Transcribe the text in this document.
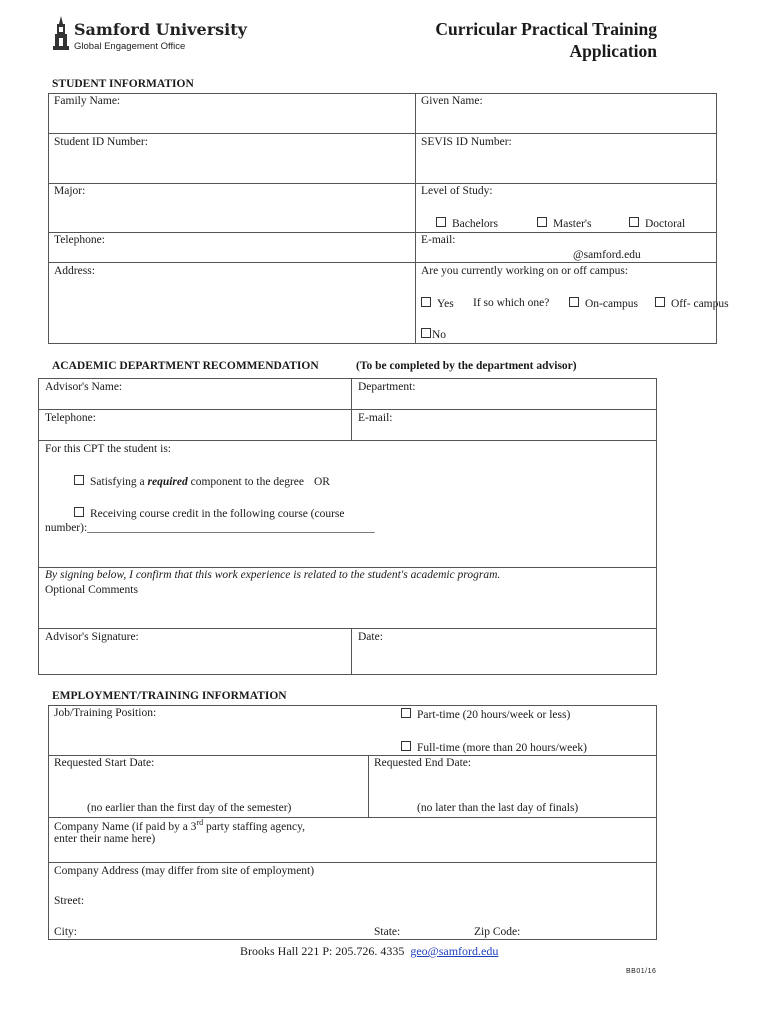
Samford University
Global Engagement Office
Curricular Practical Training
Application
STUDENT INFORMATION
Family Name:	Given Name:
Student ID Number:	SEVIS ID Number:
Major:	Level of Study:
Bachelors	Master's	Doctoral
Telephone:	E-mail:
@samford.edu
Address:	Are you currently working on or off campus:
Yes If so which one?	On-campus	Off- campus
No
ACADEMIC DEPARTMENT RECOMMENDATION	(To be completed by the department advisor)
Advisor's Name:	Department:
Telephone:	E-mail:
For this CPT the student is:
Satisfying a required component to the degree OR
Receiving course credit in the following course (course
number):__________________________________________________
By signing below, I confirm that this work experience is related to the student's academic program.
Optional Comments
Advisor's Signature:	Date:
EMPLOYMENT/TRAINING INFORMATION
Job/Training Position:	Part-time (20 hours/week or less)
Full-time (more than 20 hours/week)
Requested Start Date:	Requested End Date:
(no earlier than the first day of the semester)	(no later than the last day of finals)
Company Name (if paid by a 3rd party staffing agency,
enter their name here)
Company Address (may differ from site of employment)
Street:
City:	State:	Zip Code:
Brooks Hall 221 P: 205.726. 4335 geo@samford.edu
BB01/16
